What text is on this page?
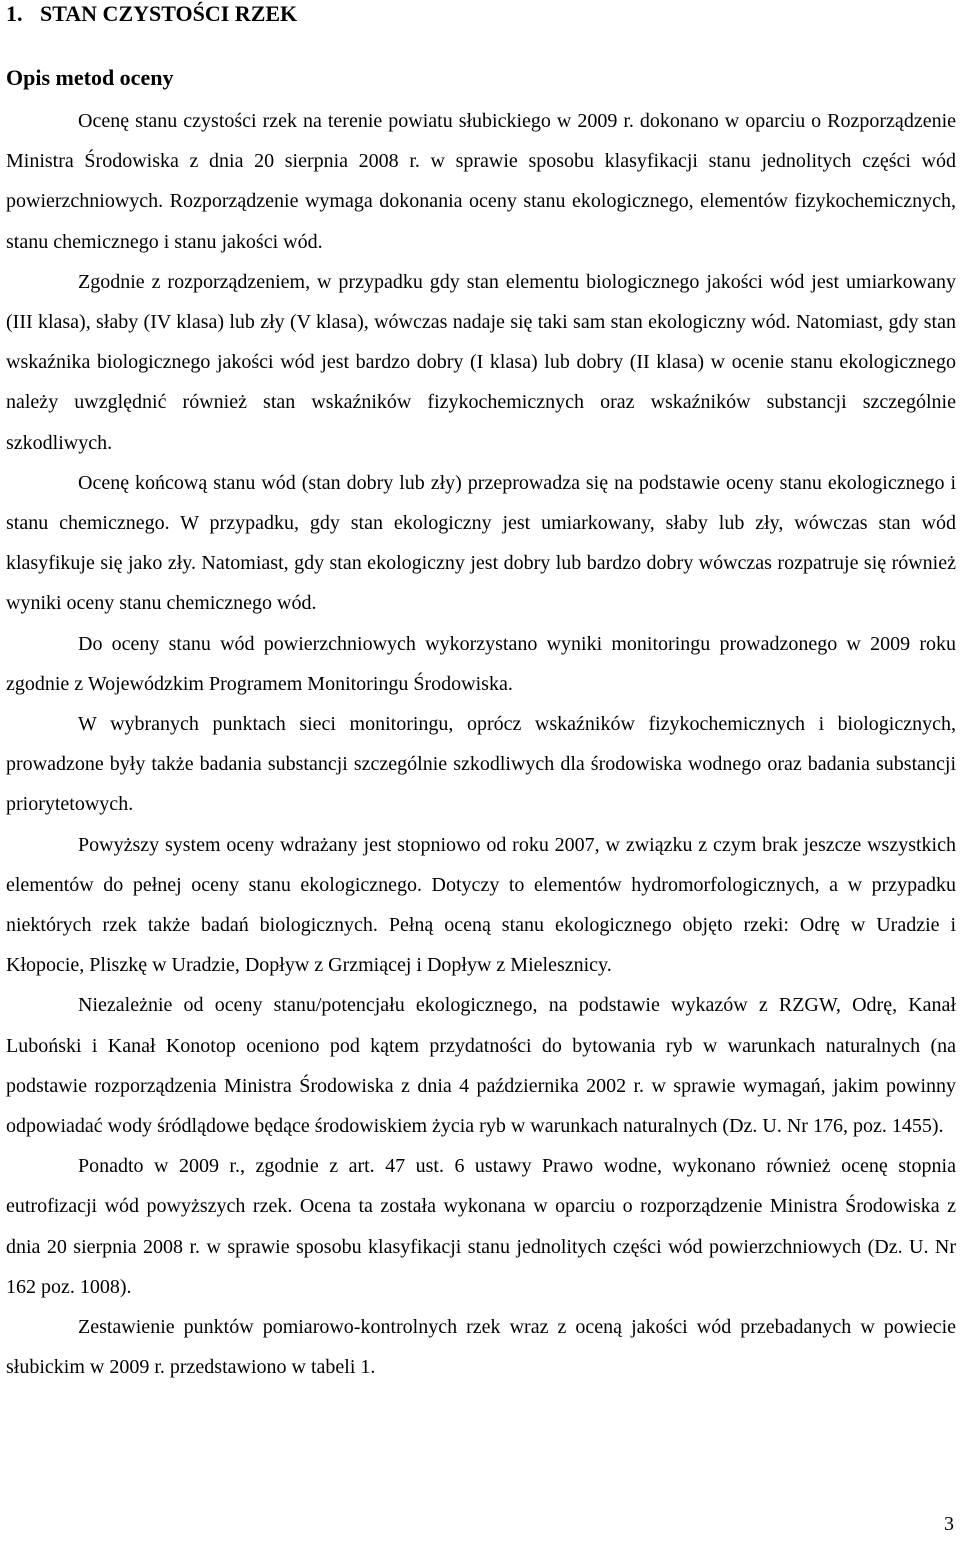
1. STAN CZYSTOŚCI RZEK
Opis metod oceny

Ocenę stanu czystości rzek na terenie powiatu słubickiego w 2009 r. dokonano w oparciu o Rozporządzenie Ministra Środowiska z dnia 20 sierpnia 2008 r. w sprawie sposobu klasyfikacji stanu jednolitych części wód powierzchniowych. Rozporządzenie wymaga dokonania oceny stanu ekologicznego, elementów fizykochemicznych, stanu chemicznego i stanu jakości wód.

Zgodnie z rozporządzeniem, w przypadku gdy stan elementu biologicznego jakości wód jest umiarkowany (III klasa), słaby (IV klasa) lub zły (V klasa), wówczas nadaje się taki sam stan ekologiczny wód. Natomiast, gdy stan wskaźnika biologicznego jakości wód jest bardzo dobry (I klasa) lub dobry (II klasa) w ocenie stanu ekologicznego należy uwzględnić również stan wskaźników fizykochemicznych oraz wskaźników substancji szczególnie szkodliwych.

Ocenę końcową stanu wód (stan dobry lub zły) przeprowadza się na podstawie oceny stanu ekologicznego i stanu chemicznego. W przypadku, gdy stan ekologiczny jest umiarkowany, słaby lub zły, wówczas stan wód klasyfikuje się jako zły. Natomiast, gdy stan ekologiczny jest dobry lub bardzo dobry wówczas rozpatruje się również wyniki oceny stanu chemicznego wód.

Do oceny stanu wód powierzchniowych wykorzystano wyniki monitoringu prowadzonego w 2009 roku zgodnie z Wojewódzkim Programem Monitoringu Środowiska.

W wybranych punktach sieci monitoringu, oprócz wskaźników fizykochemicznych i biologicznych, prowadzone były także badania substancji szczególnie szkodliwych dla środowiska wodnego oraz badania substancji priorytetowych.

Powyższy system oceny wdrażany jest stopniowo od roku 2007, w związku z czym brak jeszcze wszystkich elementów do pełnej oceny stanu ekologicznego. Dotyczy to elementów hydromorfologicznych, a w przypadku niektórych rzek także badań biologicznych. Pełną oceną stanu ekologicznego objęto rzeki: Odrę w Uradzie i Kłopocie, Pliszkę w Uradzie, Dopływ z Grzmiącej i Dopływ z Mielesznicy.

Niezależnie od oceny stanu/potencjału ekologicznego, na podstawie wykazów z RZGW, Odrę, Kanał Luboński i Kanał Konotop oceniono pod kątem przydatności do bytowania ryb w warunkach naturalnych (na podstawie rozporządzenia Ministra Środowiska z dnia 4 października 2002 r. w sprawie wymagań, jakim powinny odpowiadać wody śródlądowe będące środowiskiem życia ryb w warunkach naturalnych (Dz. U. Nr 176, poz. 1455).

Ponadto w 2009 r., zgodnie z art. 47 ust. 6 ustawy Prawo wodne, wykonano również ocenę stopnia eutrofizacji wód powyższych rzek. Ocena ta została wykonana w oparciu o rozporządzenie Ministra Środowiska z dnia 20 sierpnia 2008 r. w sprawie sposobu klasyfikacji stanu jednolitych części wód powierzchniowych (Dz. U. Nr 162 poz. 1008).

Zestawienie punktów pomiarowo-kontrolnych rzek wraz z oceną jakości wód przebadanych w powiecie słubickim w 2009 r. przedstawiono w tabeli 1.

3
